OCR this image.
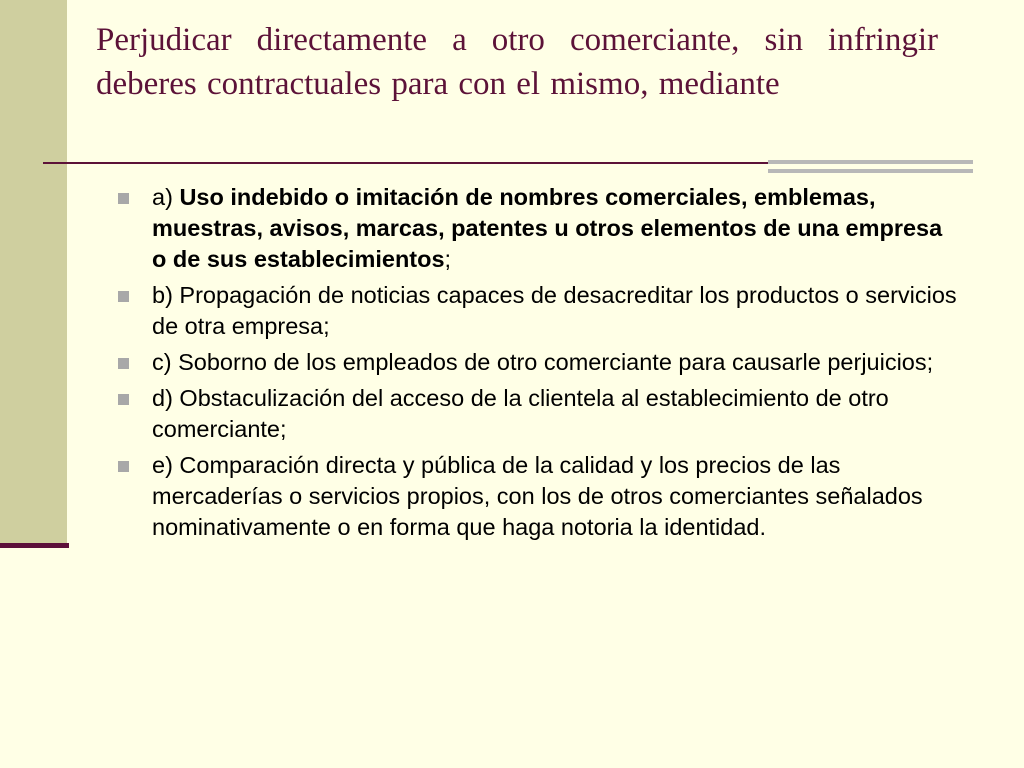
Perjudicar directamente a otro comerciante, sin infringir deberes contractuales para con el mismo, mediante
a) Uso indebido o imitación de nombres comerciales, emblemas, muestras, avisos, marcas, patentes u otros elementos de una empresa o de sus establecimientos;
b) Propagación de noticias capaces de desacreditar los productos o servicios de otra empresa;
c) Soborno de los empleados de otro comerciante para causarle perjuicios;
d) Obstaculización del acceso de la clientela al establecimiento de otro comerciante;
e) Comparación directa y pública de la calidad y los precios de las mercaderías o servicios propios, con los de otros comerciantes señalados nominativamente o en forma que haga notoria la identidad.
